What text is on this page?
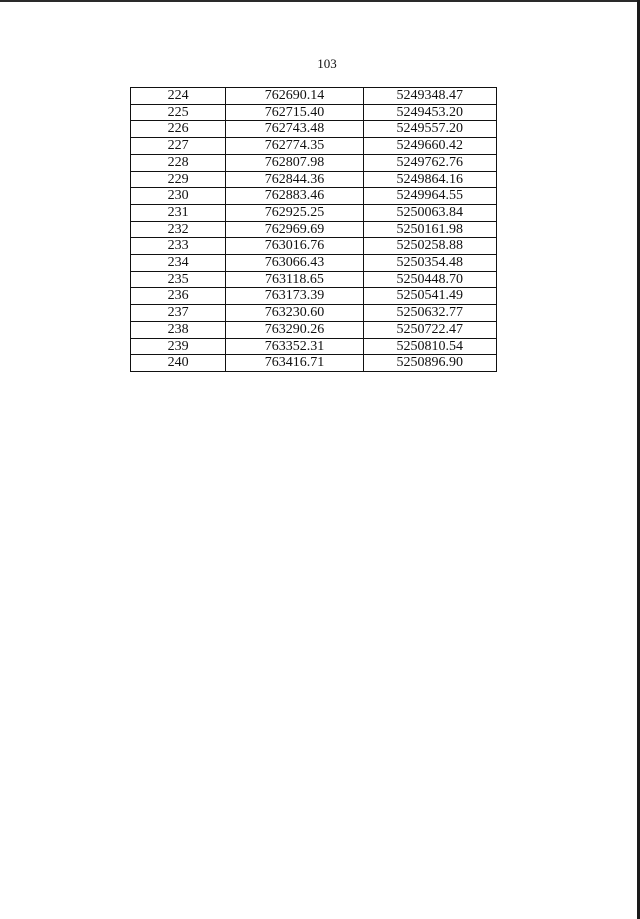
103
224	762690.14	5249348.47
225	762715.40	5249453.20
226	762743.48	5249557.20
227	762774.35	5249660.42
228	762807.98	5249762.76
229	762844.36	5249864.16
230	762883.46	5249964.55
231	762925.25	5250063.84
232	762969.69	5250161.98
233	763016.76	5250258.88
234	763066.43	5250354.48
235	763118.65	5250448.70
236	763173.39	5250541.49
237	763230.60	5250632.77
238	763290.26	5250722.47
239	763352.31	5250810.54
240	763416.71	5250896.90
